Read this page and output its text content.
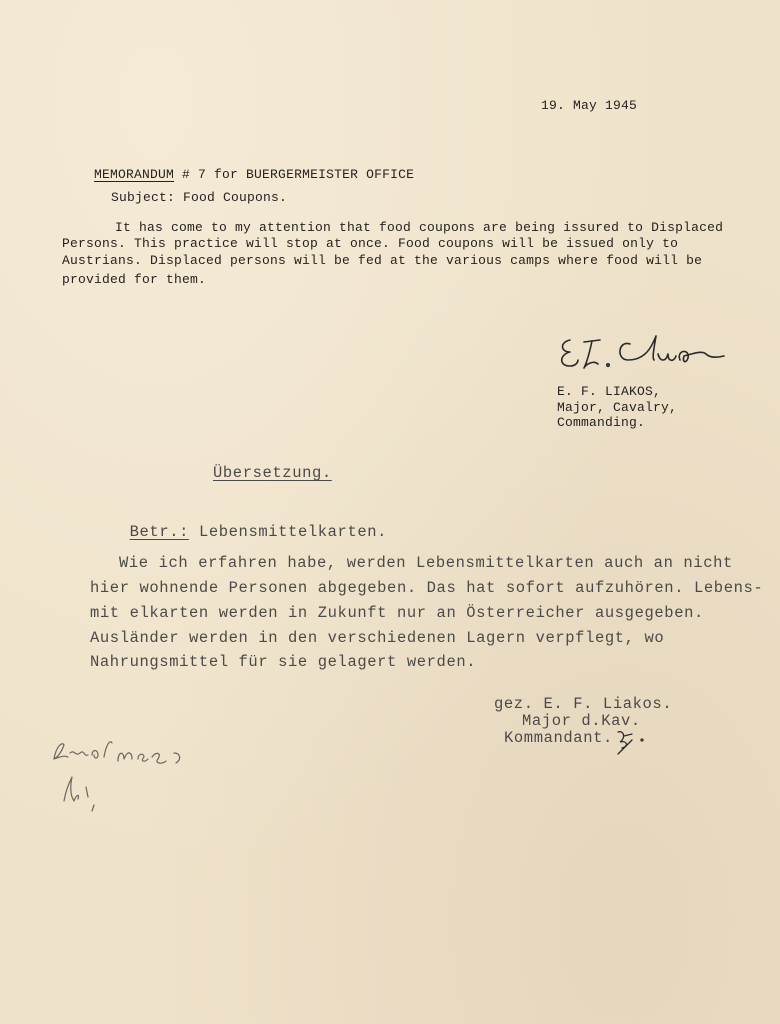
19. May 1945

MEMORANDUM # 7 for BUERGERMEISTER OFFICE

Subject: Food Coupons.
It has come to my attention that food coupons are being issured to Displaced
Persons. This practice will stop at once. Food coupons will be issued only to
Austrians. Displaced persons will be fed at the various camps where food will be
provided for them.
E. F. LIAKOS,
Major, Cavalry,
Commanding.
Übersetzung.

Betr.: Lebensmittelkarten.

Wie ich erfahren habe, werden Lebensmittelkarten auch an nicht
hier wohnende Personen abgegeben. Das hat sofort aufzuhören. Lebens-
mit elkarten werden in Zukunft nur an Österreicher ausgegeben.
Ausländer werden in den verschiedenen Lagern verpflegt, wo
Nahrungsmittel für sie gelagert werden.
gez. E. F. Liakos.
Major d.Kav.
Kommandant.
